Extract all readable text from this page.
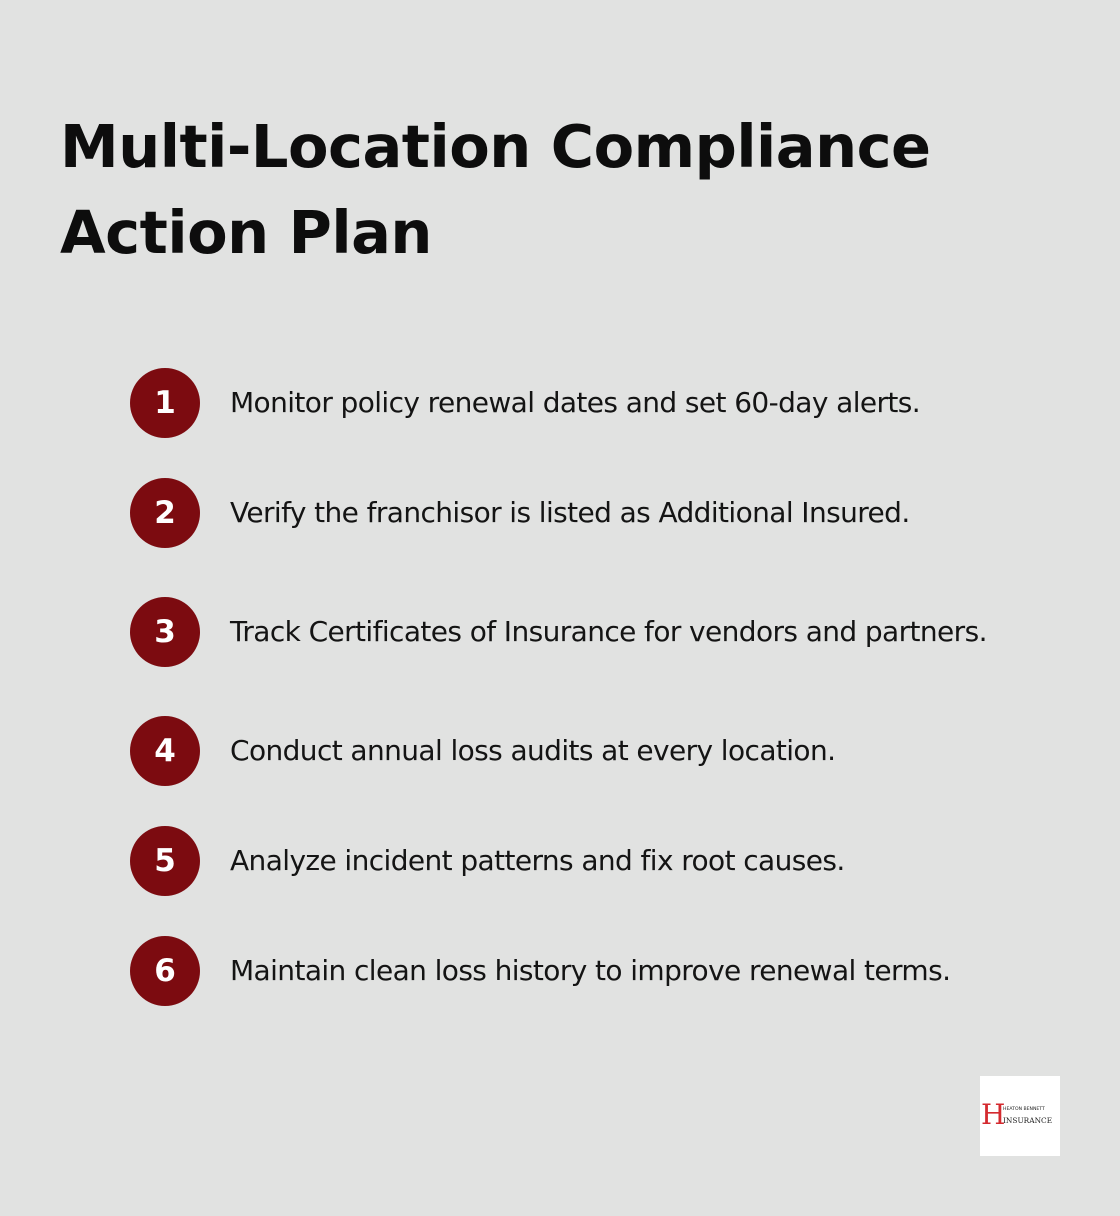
Multi-Location Compliance
Action Plan
1	Monitor policy renewal dates and set 60-day alerts.
2	Verify the franchisor is listed as Additional Insured.
3	Track Certificates of Insurance for vendors and partners.
4	Conduct annual loss audits at every location.
5	Analyze incident patterns and fix root causes.
6	Maintain clean loss history to improve renewal terms.
H
HEATON BENNETT
INSURANCE
